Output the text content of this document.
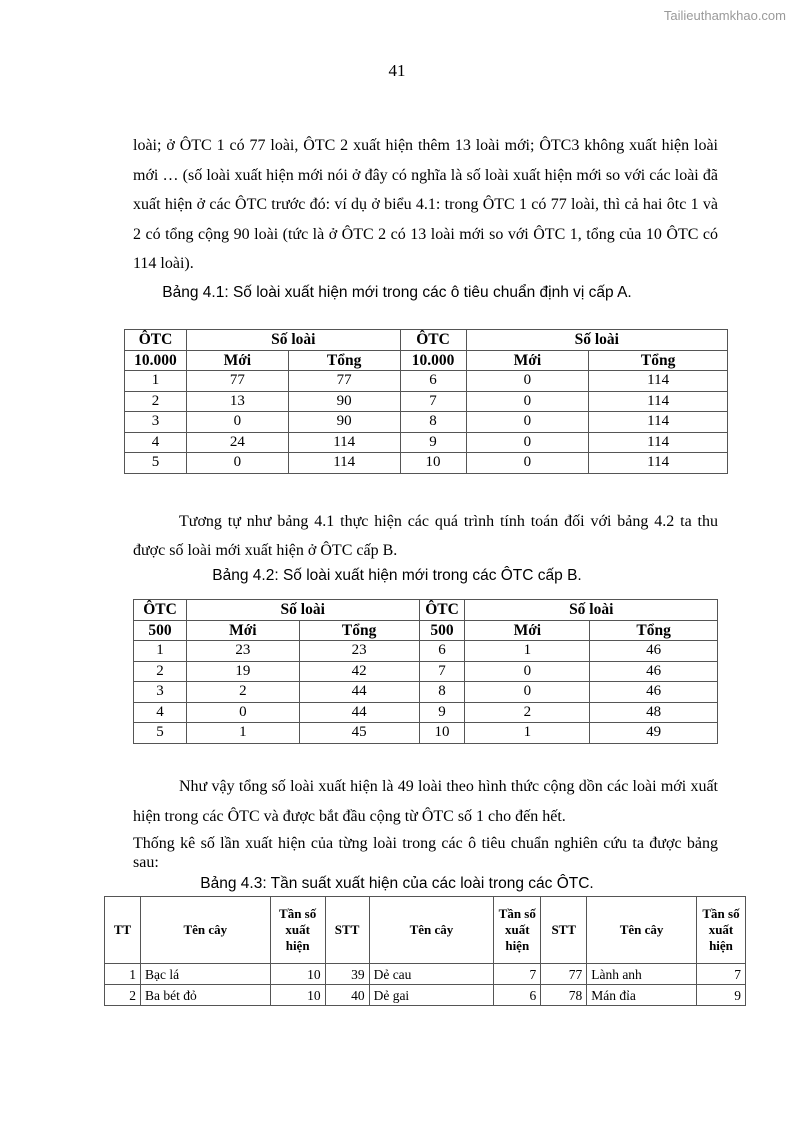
Tailieuthamkhao.com
41

loài; ở ÔTC 1 có 77 loài, ÔTC 2 xuất hiện thêm 13 loài mới; ÔTC3 không xuất hiện loài mới … (số loài xuất hiện mới nói ở đây có nghĩa là số loài xuất hiện mới so với các loài đã xuất hiện ở các ÔTC trước đó: ví dụ ở biểu 4.1: trong ÔTC 1 có 77 loài, thì cả hai ôtc 1 và 2 có tổng cộng 90 loài (tức là ở ÔTC 2 có 13 loài mới so với ÔTC 1, tổng của 10 ÔTC có 114 loài).

Bảng 4.1: Số loài xuất hiện mới trong các ô tiêu chuẩn định vị cấp A.

ÔTC	Số loài		ÔTC	Số loài	
10.000	Mới	Tổng	10.000	Mới	Tổng
1	77	77	6	0	114
2	13	90	7	0	114
3	0	90	8	0	114
4	24	114	9	0	114
5	0	114	10	0	114

Tương tự như bảng 4.1 thực hiện các quá trình tính toán đối với bảng 4.2 ta thu được số loài mới xuất hiện ở ÔTC cấp B.

Bảng 4.2: Số loài xuất hiện mới trong các ÔTC cấp B.

ÔTC	Số loài		ÔTC	Số loài	
500	Mới	Tổng	500	Mới	Tổng
1	23	23	6	1	46
2	19	42	7	0	46
3	2	44	8	0	46
4	0	44	9	2	48
5	1	45	10	1	49

Như vậy tổng số loài xuất hiện là 49 loài theo hình thức cộng dồn các loài mới xuất hiện trong các ÔTC và được bắt đầu cộng từ ÔTC số 1 cho đến hết.

Thống kê số lần xuất hiện của từng loài trong các ô tiêu chuẩn nghiên cứu ta được bảng sau:

Bảng 4.3: Tần suất xuất hiện của các loài trong các ÔTC.

TT	Tên cây	Tần số xuất hiện	STT	Tên cây	Tần số xuất hiện	STT	Tên cây	Tần số xuất hiện
1	Bạc lá	10	39	Dẻ cau	7	77	Lành anh	7
2	Ba bét đỏ	10	40	Dẻ gai	6	78	Mán đỉa	9
